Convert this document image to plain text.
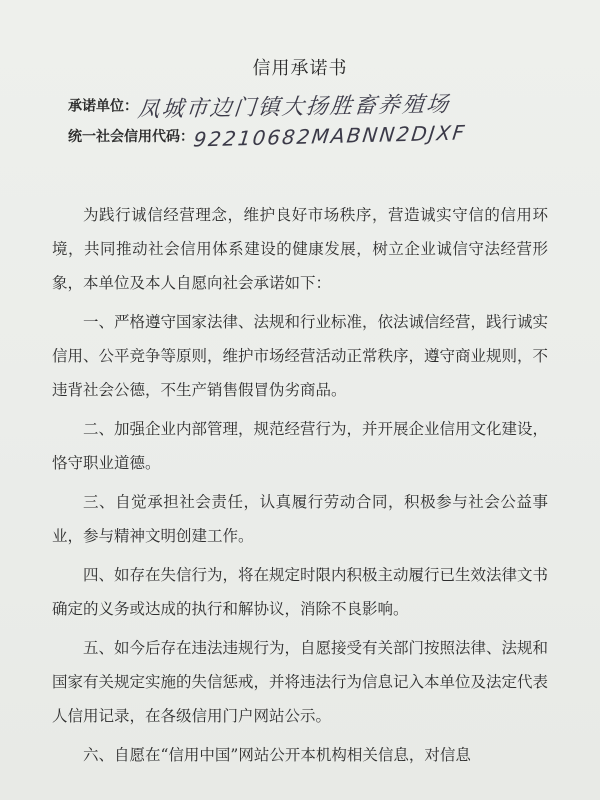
信用承诺书
承诺单位：凤城市边门镇大扬胜畜养殖场
统一社会信用代码：92210682MABNN2DJXF

为践行诚信经营理念，维护良好市场秩序，营造诚实守信的信用环境，共同推动社会信用体系建设的健康发展，树立企业诚信守法经营形象，本单位及本人自愿向社会承诺如下：

一、严格遵守国家法律、法规和行业标准，依法诚信经营，践行诚实信用、公平竞争等原则，维护市场经营活动正常秩序，遵守商业规则，不违背社会公德，不生产销售假冒伪劣商品。

二、加强企业内部管理，规范经营行为，并开展企业信用文化建设，恪守职业道德。

三、自觉承担社会责任，认真履行劳动合同，积极参与社会公益事业，参与精神文明创建工作。

四、如存在失信行为，将在规定时限内积极主动履行已生效法律文书确定的义务或达成的执行和解协议，消除不良影响。

五、如今后存在违法违规行为，自愿接受有关部门按照法律、法规和国家有关规定实施的失信惩戒，并将违法行为信息记入本单位及法定代表人信用记录，在各级信用门户网站公示。

六、自愿在“信用中国”网站公开本机构相关信息，对信息
